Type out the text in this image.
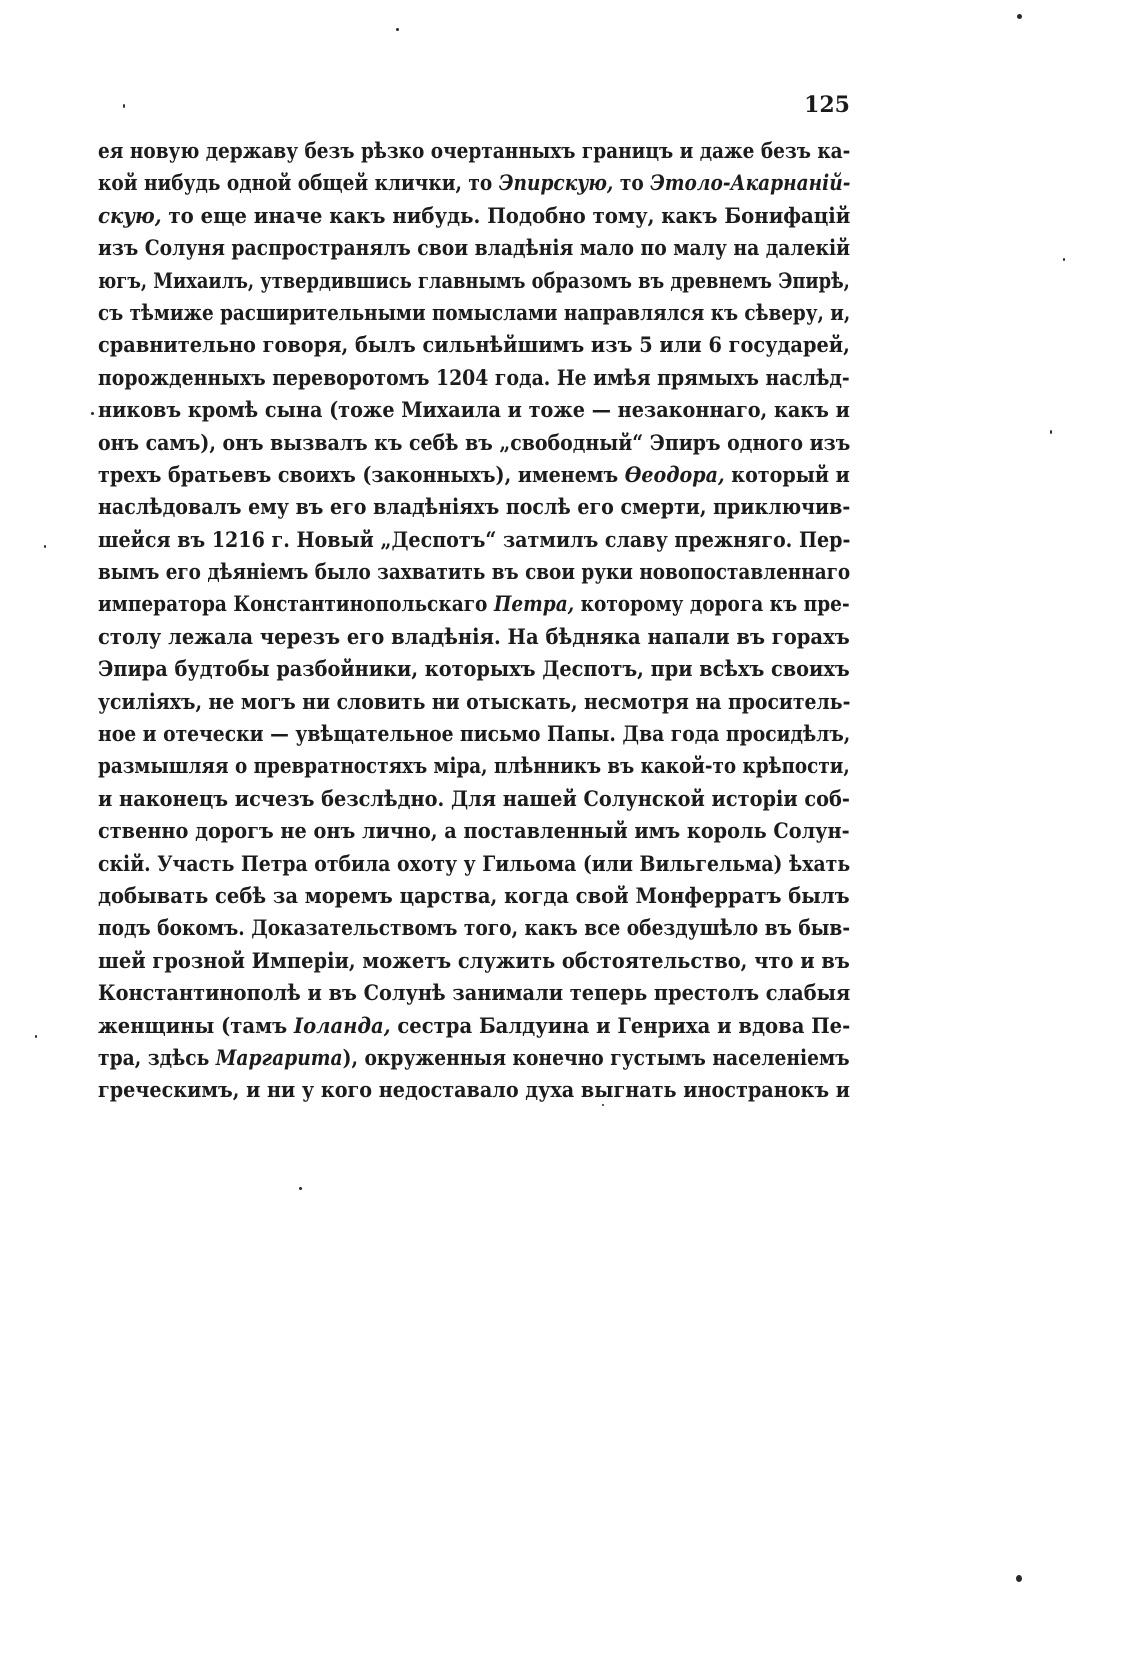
125
ея новую державу безъ рѣзко очертанныхъ границъ и даже безъ ка-
кой нибудь одной общей клички, то Эпирскую, то Этоло-Акарнаній-
скую, то еще иначе какъ нибудь. Подобно тому, какъ Бонифацій
изъ Солуня распространялъ свои владѣнія мало по малу на далекій
югъ, Михаилъ, утвердившись главнымъ образомъ въ древнемъ Эпирѣ,
съ тѣмиже расширительными помыслами направлялся къ сѣверу, и,
сравнительно говоря, былъ сильнѣйшимъ изъ 5 или 6 государей,
порожденныхъ переворотомъ 1204 года. Не имѣя прямыхъ наслѣд-
никовъ кромѣ сына (тоже Михаила и тоже — незаконнаго, какъ и
онъ самъ), онъ вызвалъ къ себѣ въ „свободный“ Эпиръ одного изъ
трехъ братьевъ своихъ (законныхъ), именемъ Өеодора, который и
наслѣдовалъ ему въ его владѣніяхъ послѣ его смерти, приключив-
шейся въ 1216 г. Новый „Деспотъ“ затмилъ славу прежняго. Пер-
вымъ его дѣяніемъ было захватить въ свои руки новопоставленнаго
императора Константинопольскаго Петра, которому дорога къ пре-
столу лежала черезъ его владѣнія. На бѣдняка напали въ горахъ
Эпира будтобы разбойники, которыхъ Деспотъ, при всѣхъ своихъ
усиліяхъ, не могъ ни словить ни отыскать, несмотря на проситель-
ное и отечески — увѣщательное письмо Папы. Два года просидѣлъ,
размышляя о превратностяхъ міра, плѣнникъ въ какой-то крѣпости,
и наконецъ исчезъ безслѣдно. Для нашей Солунской исторіи соб-
ственно дорогъ не онъ лично, а поставленный имъ король Солун-
скій. Участь Петра отбила охоту у Гильома (или Вильгельма) ѣхать
добывать себѣ за моремъ царства, когда свой Монферратъ былъ
подъ бокомъ. Доказательствомъ того, какъ все обездушѣло въ быв-
шей грозной Имперіи, можетъ служить обстоятельство, что и въ
Константинополѣ и въ Солунѣ занимали теперь престолъ слабыя
женщины (тамъ Іоланда, сестра Балдуина и Генриха и вдова Пе-
тра, здѣсь Маргарита), окруженныя конечно густымъ населеніемъ
греческимъ, и ни у кого недоставало духа выгнать иностранокъ и
